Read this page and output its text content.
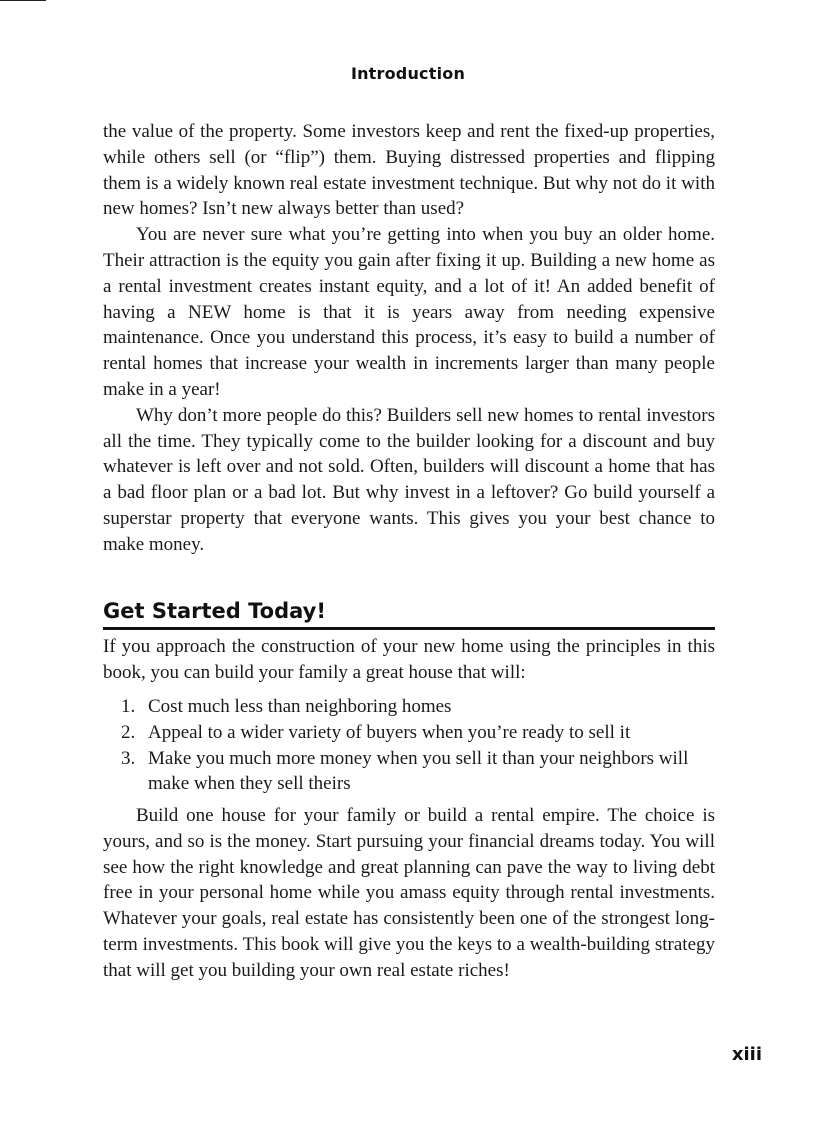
Introduction

the value of the property. Some investors keep and rent the fixed-up properties, while others sell (or “flip”) them. Buying distressed properties and flipping them is a widely known real estate investment technique. But why not do it with new homes? Isn’t new always better than used?

You are never sure what you’re getting into when you buy an older home. Their attraction is the equity you gain after fixing it up. Building a new home as a rental investment creates instant equity, and a lot of it! An added benefit of having a NEW home is that it is years away from needing expensive maintenance. Once you understand this process, it’s easy to build a number of rental homes that increase your wealth in increments larger than many people make in a year!

Why don’t more people do this? Builders sell new homes to rental investors all the time. They typically come to the builder looking for a discount and buy whatever is left over and not sold. Often, builders will discount a home that has a bad floor plan or a bad lot. But why invest in a leftover? Go build yourself a superstar property that everyone wants. This gives you your best chance to make money.

Get Started Today!

If you approach the construction of your new home using the principles in this book, you can build your family a great house that will:

1. Cost much less than neighboring homes
2. Appeal to a wider variety of buyers when you’re ready to sell it
3. Make you much more money when you sell it than your neighbors will make when they sell theirs

Build one house for your family or build a rental empire. The choice is yours, and so is the money. Start pursuing your financial dreams today. You will see how the right knowledge and great planning can pave the way to living debt free in your personal home while you amass equity through rental investments. Whatever your goals, real estate has consistently been one of the strongest long-term investments. This book will give you the keys to a wealth-building strategy that will get you building your own real estate riches!

xiii
